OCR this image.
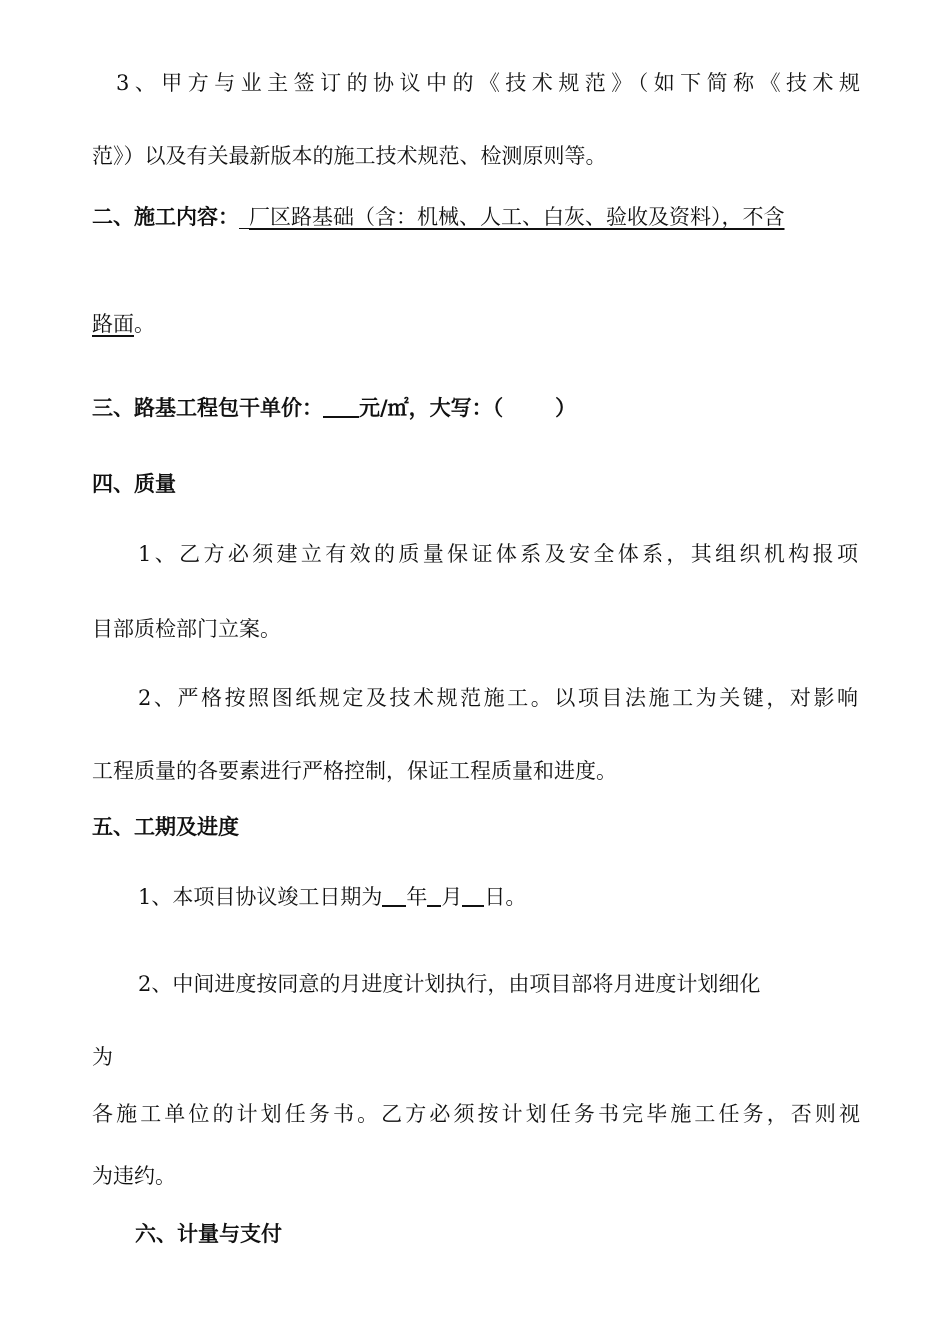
3、甲方与业主签订的协议中的《技术规范》（如下简称《技术规
范》）以及有关最新版本的施工技术规范、检测原则等。
二、施工内容： 厂区路基础（含：机械、人工、白灰、验收及资料），不含
路面。
三、路基工程包干单价： 元/㎡，大写：（ ）
四、质量
1、乙方必须建立有效的质量保证体系及安全体系，其组织机构报项
目部质检部门立案。
2、严格按照图纸规定及技术规范施工。以项目法施工为关键，对影响
工程质量的各要素进行严格控制，保证工程质量和进度。
五、工期及进度
1、本项目协议竣工日期为 年 月 日。
2、中间进度按同意的月进度计划执行，由项目部将月进度计划细化
为
各施工单位的计划任务书。乙方必须按计划任务书完毕施工任务，否则视
为违约。
六、计量与支付
